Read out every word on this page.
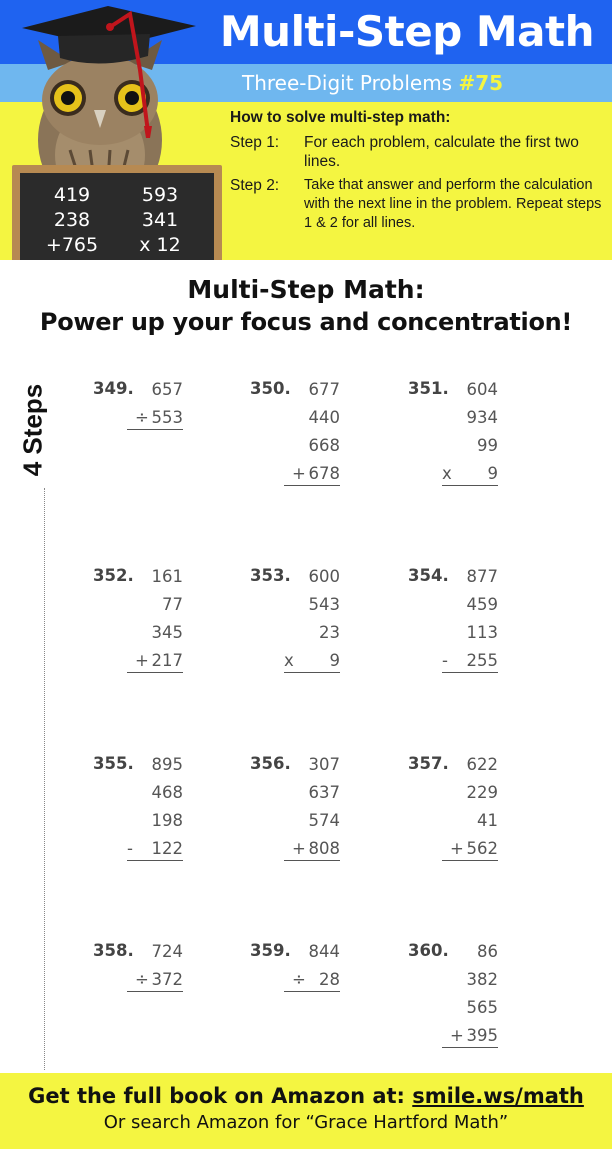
Multi-Step Math
Three-Digit Problems #75
419
238
+765
593
341
x 12
How to solve multi-step math:
Step 1:	For each problem, calculate the first two lines.
Step 2:	Take that answer and perform the calculation with the next line in the problem. Repeat steps 1 & 2 for all lines.
Multi-Step Math:
Power up your focus and concentration!
4 Steps	349.	657
÷ 553
350.	677
440
668
+ 678
351.	604
934
99
x 9
352.	161
77
345
+ 217
353.	600
543
23
x 9
354.	877
459
113
- 255
355.	895
468
198
- 122
356.	307
637
574
+ 808
357.	622
229
41
+ 562
358.	724
÷ 372
359.	844
÷ 28
360.	86
382
565
+ 395
Get the full book on Amazon at: smile.ws/math
Or search Amazon for “Grace Hartford Math”
